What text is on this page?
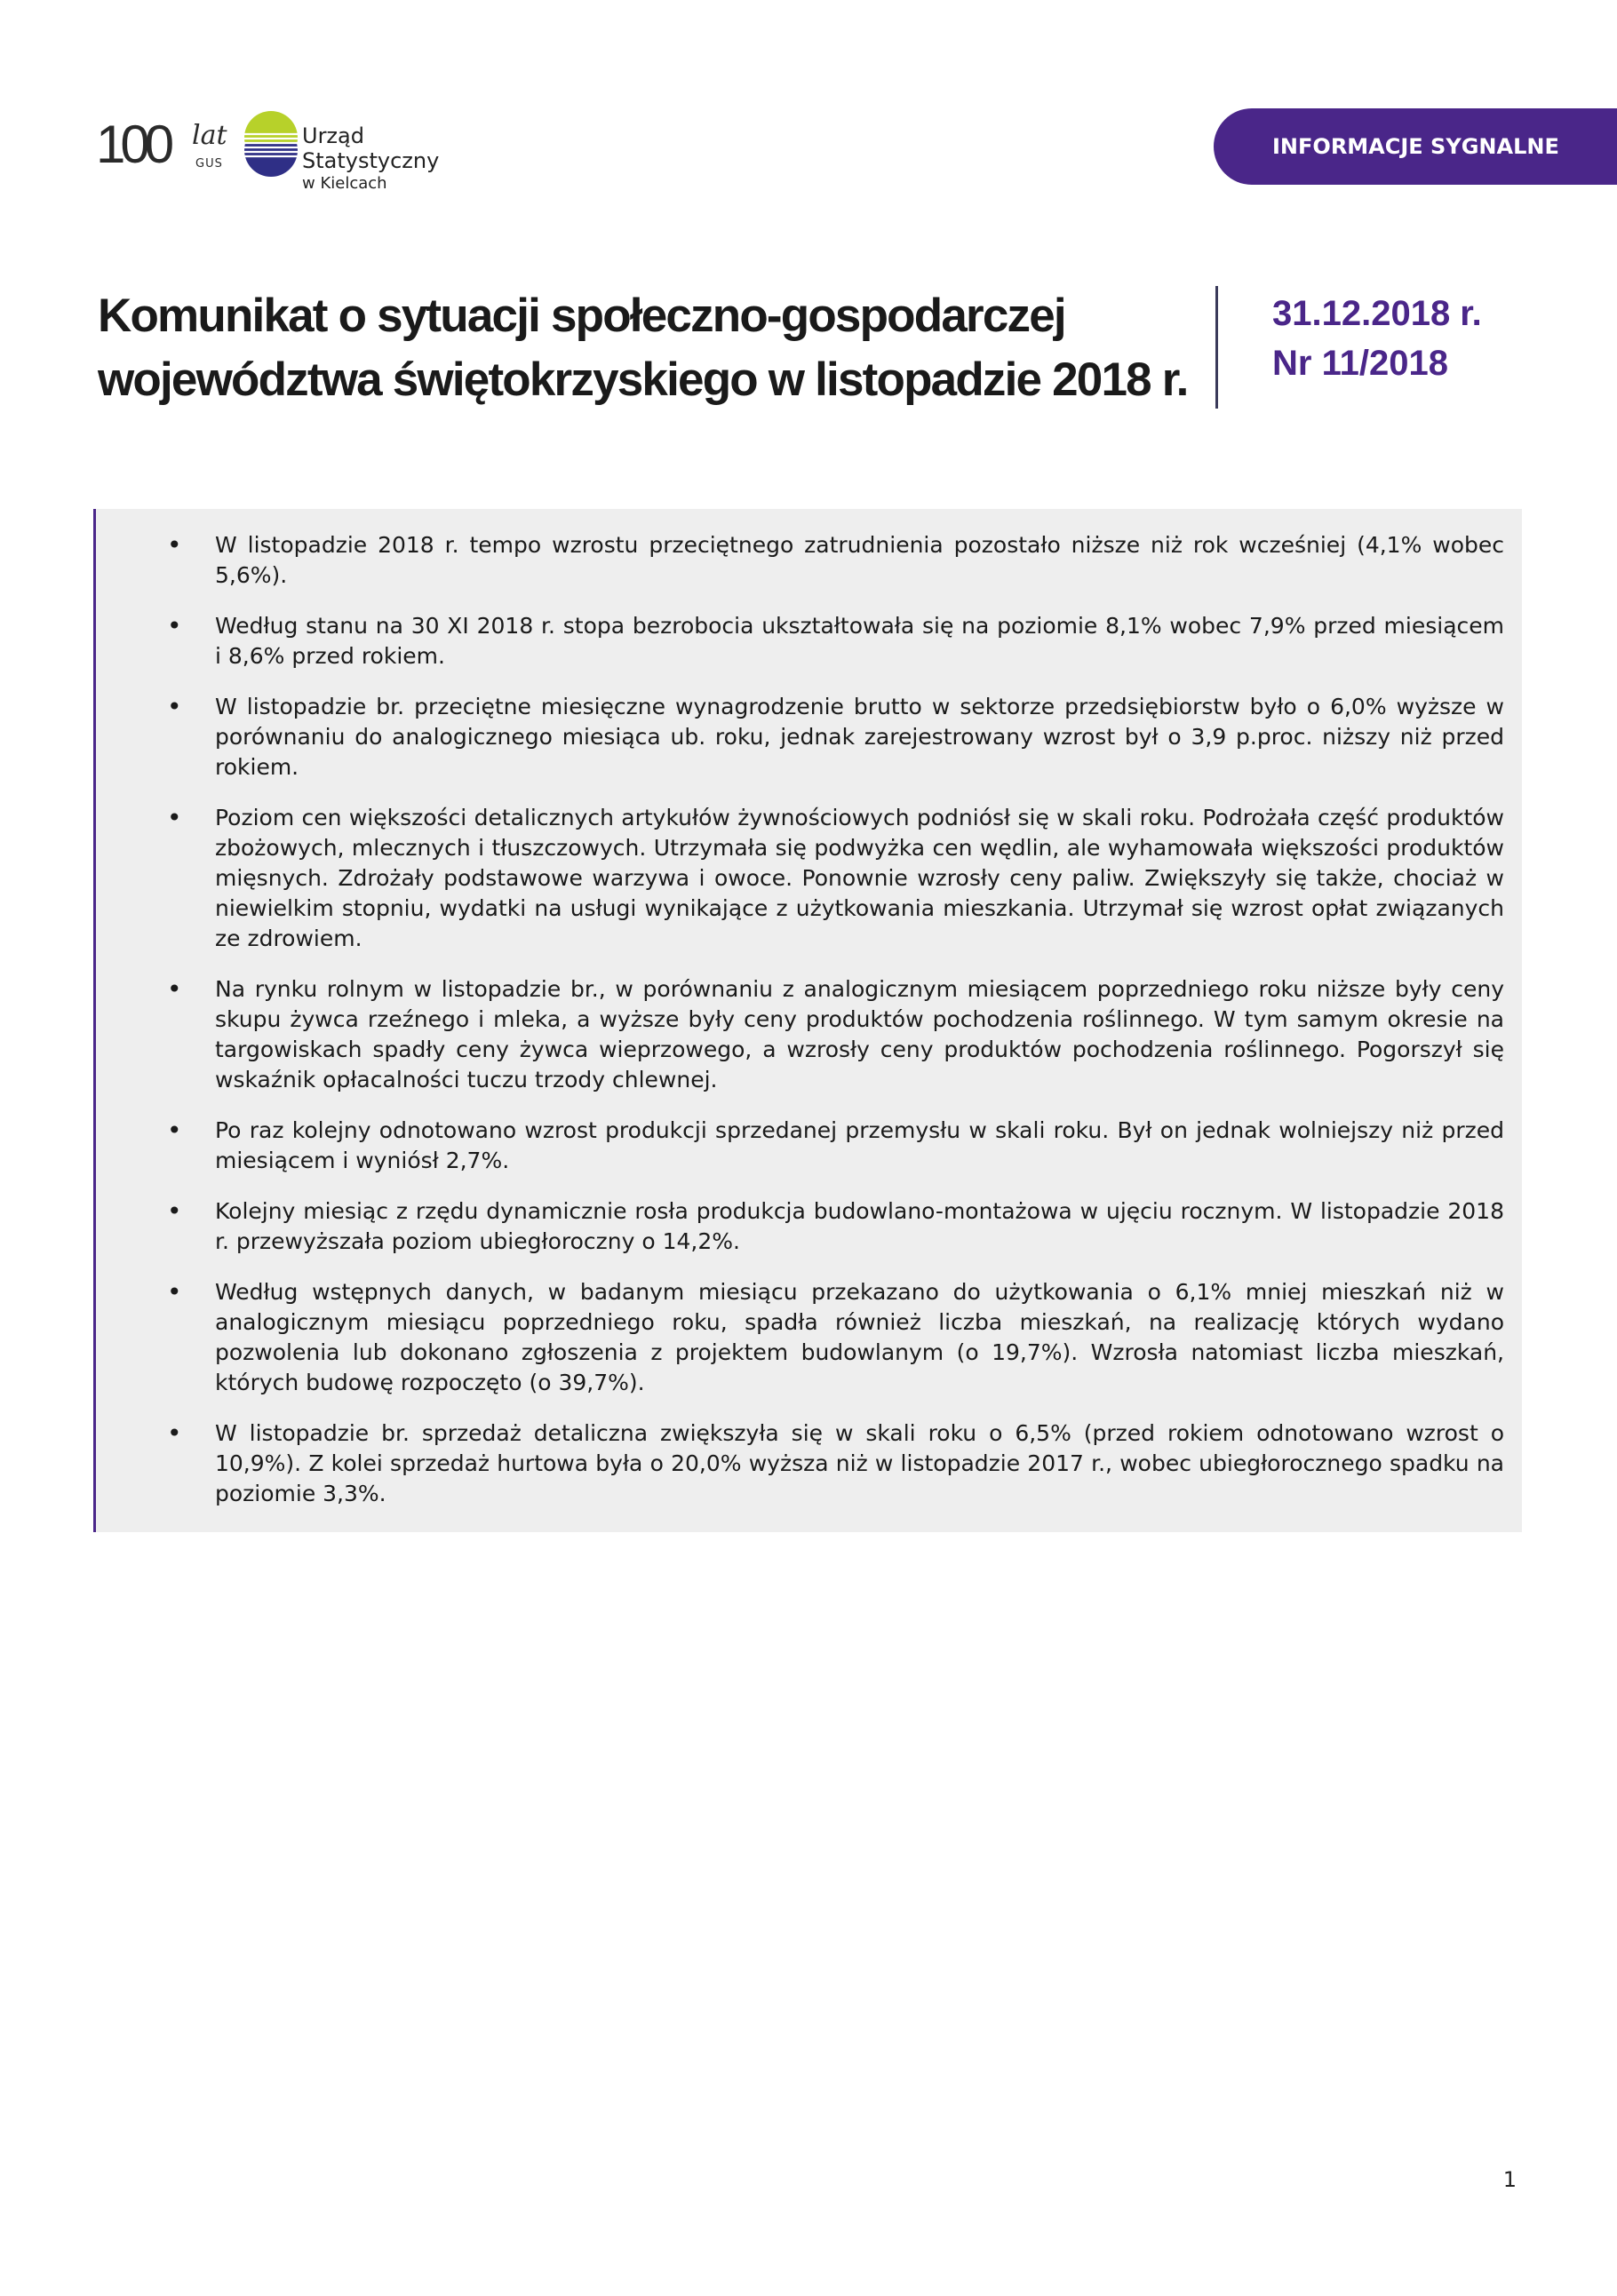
100 lat
GUS
Urząd Statystyczny
w Kielcach
INFORMACJE SYGNALNE
Komunikat o sytuacji społeczno-gospodarczej
województwa świętokrzyskiego w listopadzie 2018 r.
31.12.2018 r.
Nr 11/2018
• W listopadzie 2018 r. tempo wzrostu przeciętnego zatrudnienia pozostało niższe niż rok wcześniej (4,1% wobec 5,6%).
• Według stanu na 30 XI 2018 r. stopa bezrobocia ukształtowała się na poziomie 8,1% wobec 7,9% przed miesiącem i 8,6% przed rokiem.
• W listopadzie br. przeciętne miesięczne wynagrodzenie brutto w sektorze przedsiębiorstw było o 6,0% wyższe w porównaniu do analogicznego miesiąca ub. roku, jednak zarejestrowany wzrost był o 3,9 p.proc. niższy niż przed rokiem.
• Poziom cen większości detalicznych artykułów żywnościowych podniósł się w skali roku. Podrożała część produktów zbożowych, mlecznych i tłuszczowych. Utrzymała się podwyżka cen wędlin, ale wyhamowała większości produktów mięsnych. Zdrożały podstawowe warzywa i owoce. Ponownie wzrosły ceny paliw. Zwiększyły się także, chociaż w niewielkim stopniu, wydatki na usługi wynikające z użytkowania mieszkania. Utrzymał się wzrost opłat związanych ze zdrowiem.
• Na rynku rolnym w listopadzie br., w porównaniu z analogicznym miesiącem poprzedniego roku niższe były ceny skupu żywca rzeźnego i mleka, a wyższe były ceny produktów pochodzenia roślinnego. W tym samym okresie na targowiskach spadły ceny żywca wieprzowego, a wzrosły ceny produktów pochodzenia roślinnego. Pogorszył się wskaźnik opłacalności tuczu trzody chlewnej.
• Po raz kolejny odnotowano wzrost produkcji sprzedanej przemysłu w skali roku. Był on jednak wolniejszy niż przed miesiącem i wyniósł 2,7%.
• Kolejny miesiąc z rzędu dynamicznie rosła produkcja budowlano-montażowa w ujęciu rocznym. W listopadzie 2018 r. przewyższała poziom ubiegłoroczny o 14,2%.
• Według wstępnych danych, w badanym miesiącu przekazano do użytkowania o 6,1% mniej mieszkań niż w analogicznym miesiącu poprzedniego roku, spadła również liczba mieszkań, na realizację których wydano pozwolenia lub dokonano zgłoszenia z projektem budowlanym (o 19,7%). Wzrosła natomiast liczba mieszkań, których budowę rozpoczęto (o 39,7%).
• W listopadzie br. sprzedaż detaliczna zwiększyła się w skali roku o 6,5% (przed rokiem odnotowano wzrost o 10,9%). Z kolei sprzedaż hurtowa była o 20,0% wyższa niż w listopadzie 2017 r., wobec ubiegłorocznego spadku na poziomie 3,3%.
1
